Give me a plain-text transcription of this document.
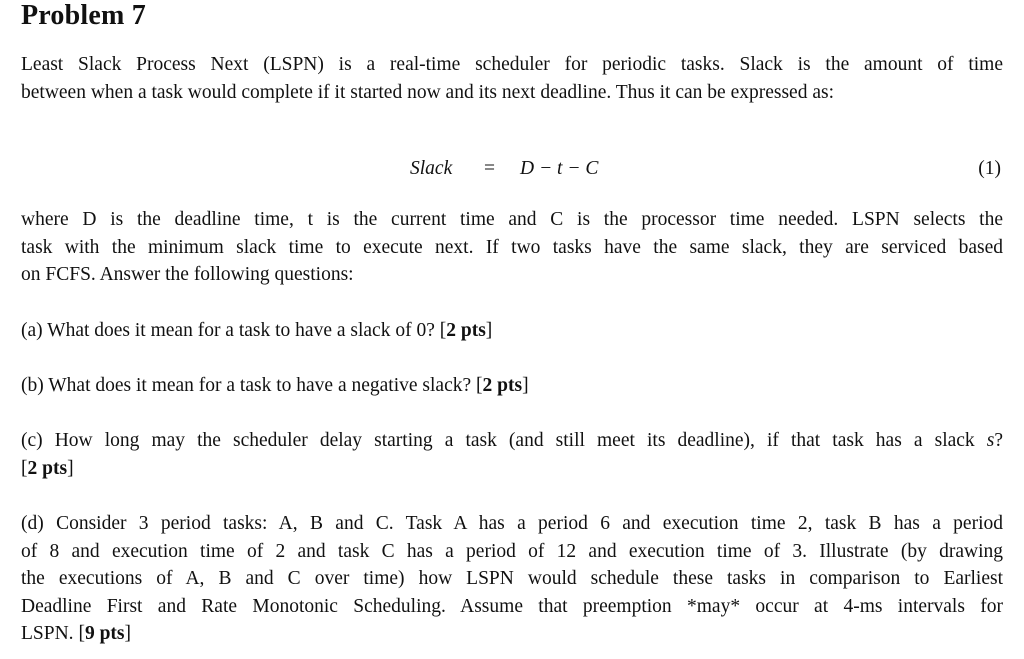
Problem 7
Least Slack Process Next (LSPN) is a real-time scheduler for periodic tasks. Slack is the amount of time
between when a task would complete if it started now and its next deadline. Thus it can be expressed as:
Slack = D − t − C	(1)
where D is the deadline time, t is the current time and C is the processor time needed. LSPN selects the
task with the minimum slack time to execute next. If two tasks have the same slack, they are serviced based
on FCFS. Answer the following questions:
(a) What does it mean for a task to have a slack of 0? [2 pts]
(b) What does it mean for a task to have a negative slack? [2 pts]
(c) How long may the scheduler delay starting a task (and still meet its deadline), if that task has a slack s?
[2 pts]
(d) Consider 3 period tasks: A, B and C. Task A has a period 6 and execution time 2, task B has a period
of 8 and execution time of 2 and task C has a period of 12 and execution time of 3. Illustrate (by drawing
the executions of A, B and C over time) how LSPN would schedule these tasks in comparison to Earliest
Deadline First and Rate Monotonic Scheduling. Assume that preemption *may* occur at 4-ms intervals for
LSPN. [9 pts]
